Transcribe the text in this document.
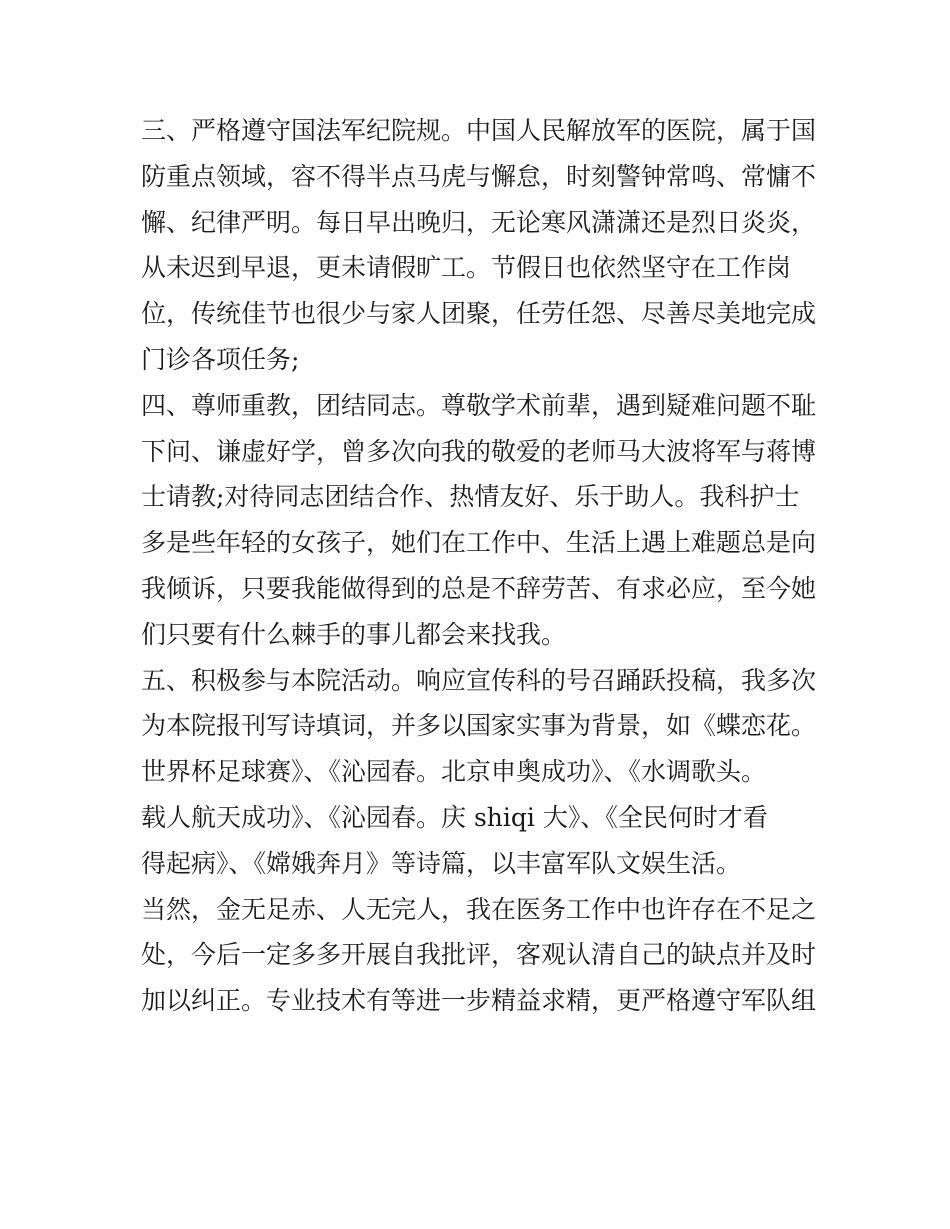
三、严格遵守国法军纪院规。中国人民解放军的医院，属于国
防重点领域，容不得半点马虎与懈怠，时刻警钟常鸣、常慵不
懈、纪律严明。每日早出晚归，无论寒风潇潇还是烈日炎炎，
从未迟到早退，更未请假旷工。节假日也依然坚守在工作岗
位，传统佳节也很少与家人团聚，任劳任怨、尽善尽美地完成
门诊各项任务;
四、尊师重教，团结同志。尊敬学术前辈，遇到疑难问题不耻
下问、谦虚好学，曾多次向我的敬爱的老师马大波将军与蒋博
士请教;对待同志团结合作、热情友好、乐于助人。我科护士
多是些年轻的女孩子，她们在工作中、生活上遇上难题总是向
我倾诉，只要我能做得到的总是不辞劳苦、有求必应，至今她
们只要有什么棘手的事儿都会来找我。
五、积极参与本院活动。响应宣传科的号召踊跃投稿，我多次
为本院报刊写诗填词，并多以国家实事为背景，如《蝶恋花。
世界杯足球赛》、《沁园春。北京申奥成功》、《水调歌头。
载人航天成功》、《沁园春。庆 shiqi 大》、《全民何时才看
得起病》、《嫦娥奔月》等诗篇，以丰富军队文娱生活。
当然，金无足赤、人无完人，我在医务工作中也许存在不足之
处，今后一定多多开展自我批评，客观认清自己的缺点并及时
加以纠正。专业技术有等进一步精益求精，更严格遵守军队组
